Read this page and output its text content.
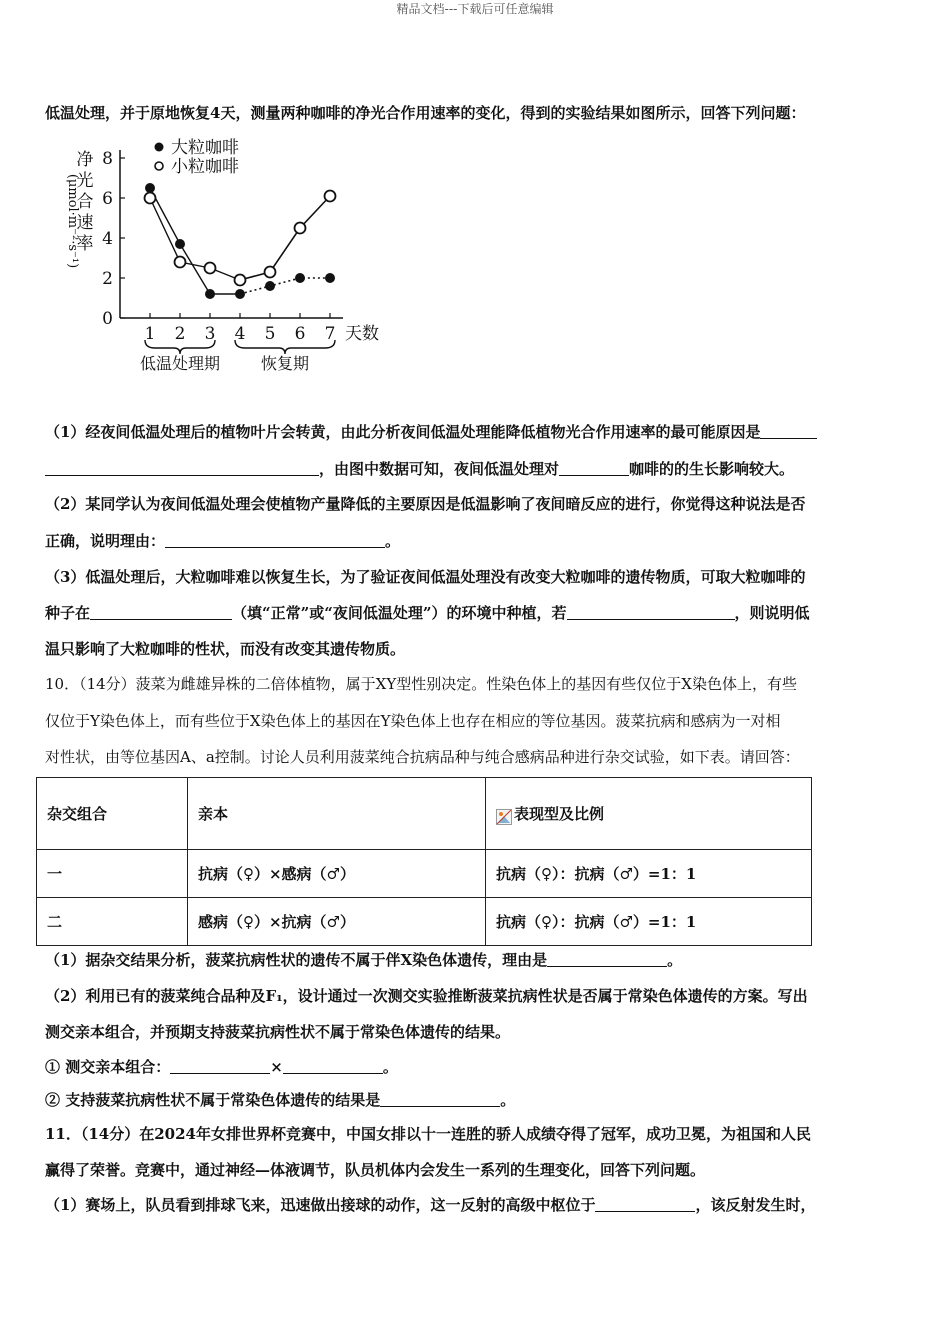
精品文档---下载后可任意编辑
低温处理，并于原地恢复4天，测量两种咖啡的净光合作用速率的变化，得到的实验结果如图所示，回答下列问题：
0
2
4
6
8
1 2 3 4 5 6 7 天数
净
光
合
速
率
(μmol·m⁻²·s⁻¹)
大粒咖啡
小粒咖啡
低温处理期	恢复期
（1）经夜间低温处理后的植物叶片会转黄，由此分析夜间低温处理能降低植物光合作用速率的最可能原因是
，由图中数据可知，夜间低温处理对	咖啡的的生长影响较大。
（2）某同学认为夜间低温处理会使植物产量降低的主要原因是低温影响了夜间暗反应的进行，你觉得这种说法是否
正确，说明理由：	。
（3）低温处理后，大粒咖啡难以恢复生长，为了验证夜间低温处理没有改变大粒咖啡的遗传物质，可取大粒咖啡的
种子在	（填“正常”或“夜间低温处理”）的环境中种植，若	，则说明低
温只影响了大粒咖啡的性状，而没有改变其遗传物质。
10．（14分）菠菜为雌雄异株的二倍体植物，属于XY型性别决定。性染色体上的基因有些仅位于X染色体上，有些
仅位于Y染色体上，而有些位于X染色体上的基因在Y染色体上也存在相应的等位基因。菠菜抗病和感病为一对相
对性状，由等位基因A、a控制。讨论人员利用菠菜纯合抗病品种与纯合感病品种进行杂交试验，如下表。请回答：
杂交组合	亲本	表现型及比例
一	抗病（♀）×感病（♂）	抗病（♀）：抗病（♂）=1：1
二	感病（♀）×抗病（♂）	抗病（♀）：抗病（♂）=1：1
（1）据杂交结果分析，菠菜抗病性状的遗传不属于伴X染色体遗传，理由是	。
（2）利用已有的菠菜纯合品种及F₁，设计通过一次测交实验推断菠菜抗病性状是否属于常染色体遗传的方案。写出
测交亲本组合，并预期支持菠菜抗病性状不属于常染色体遗传的结果。
① 测交亲本组合：	×	。
② 支持菠菜抗病性状不属于常染色体遗传的结果是	。
11．（14分）在2024年女排世界杯竞赛中，中国女排以十一连胜的骄人成绩夺得了冠军，成功卫冕，为祖国和人民
赢得了荣誉。竞赛中，通过神经—体液调节，队员机体内会发生一系列的生理变化，回答下列问题。
（1）赛场上，队员看到排球飞来，迅速做出接球的动作，这一反射的高级中枢位于	，该反射发生时，
